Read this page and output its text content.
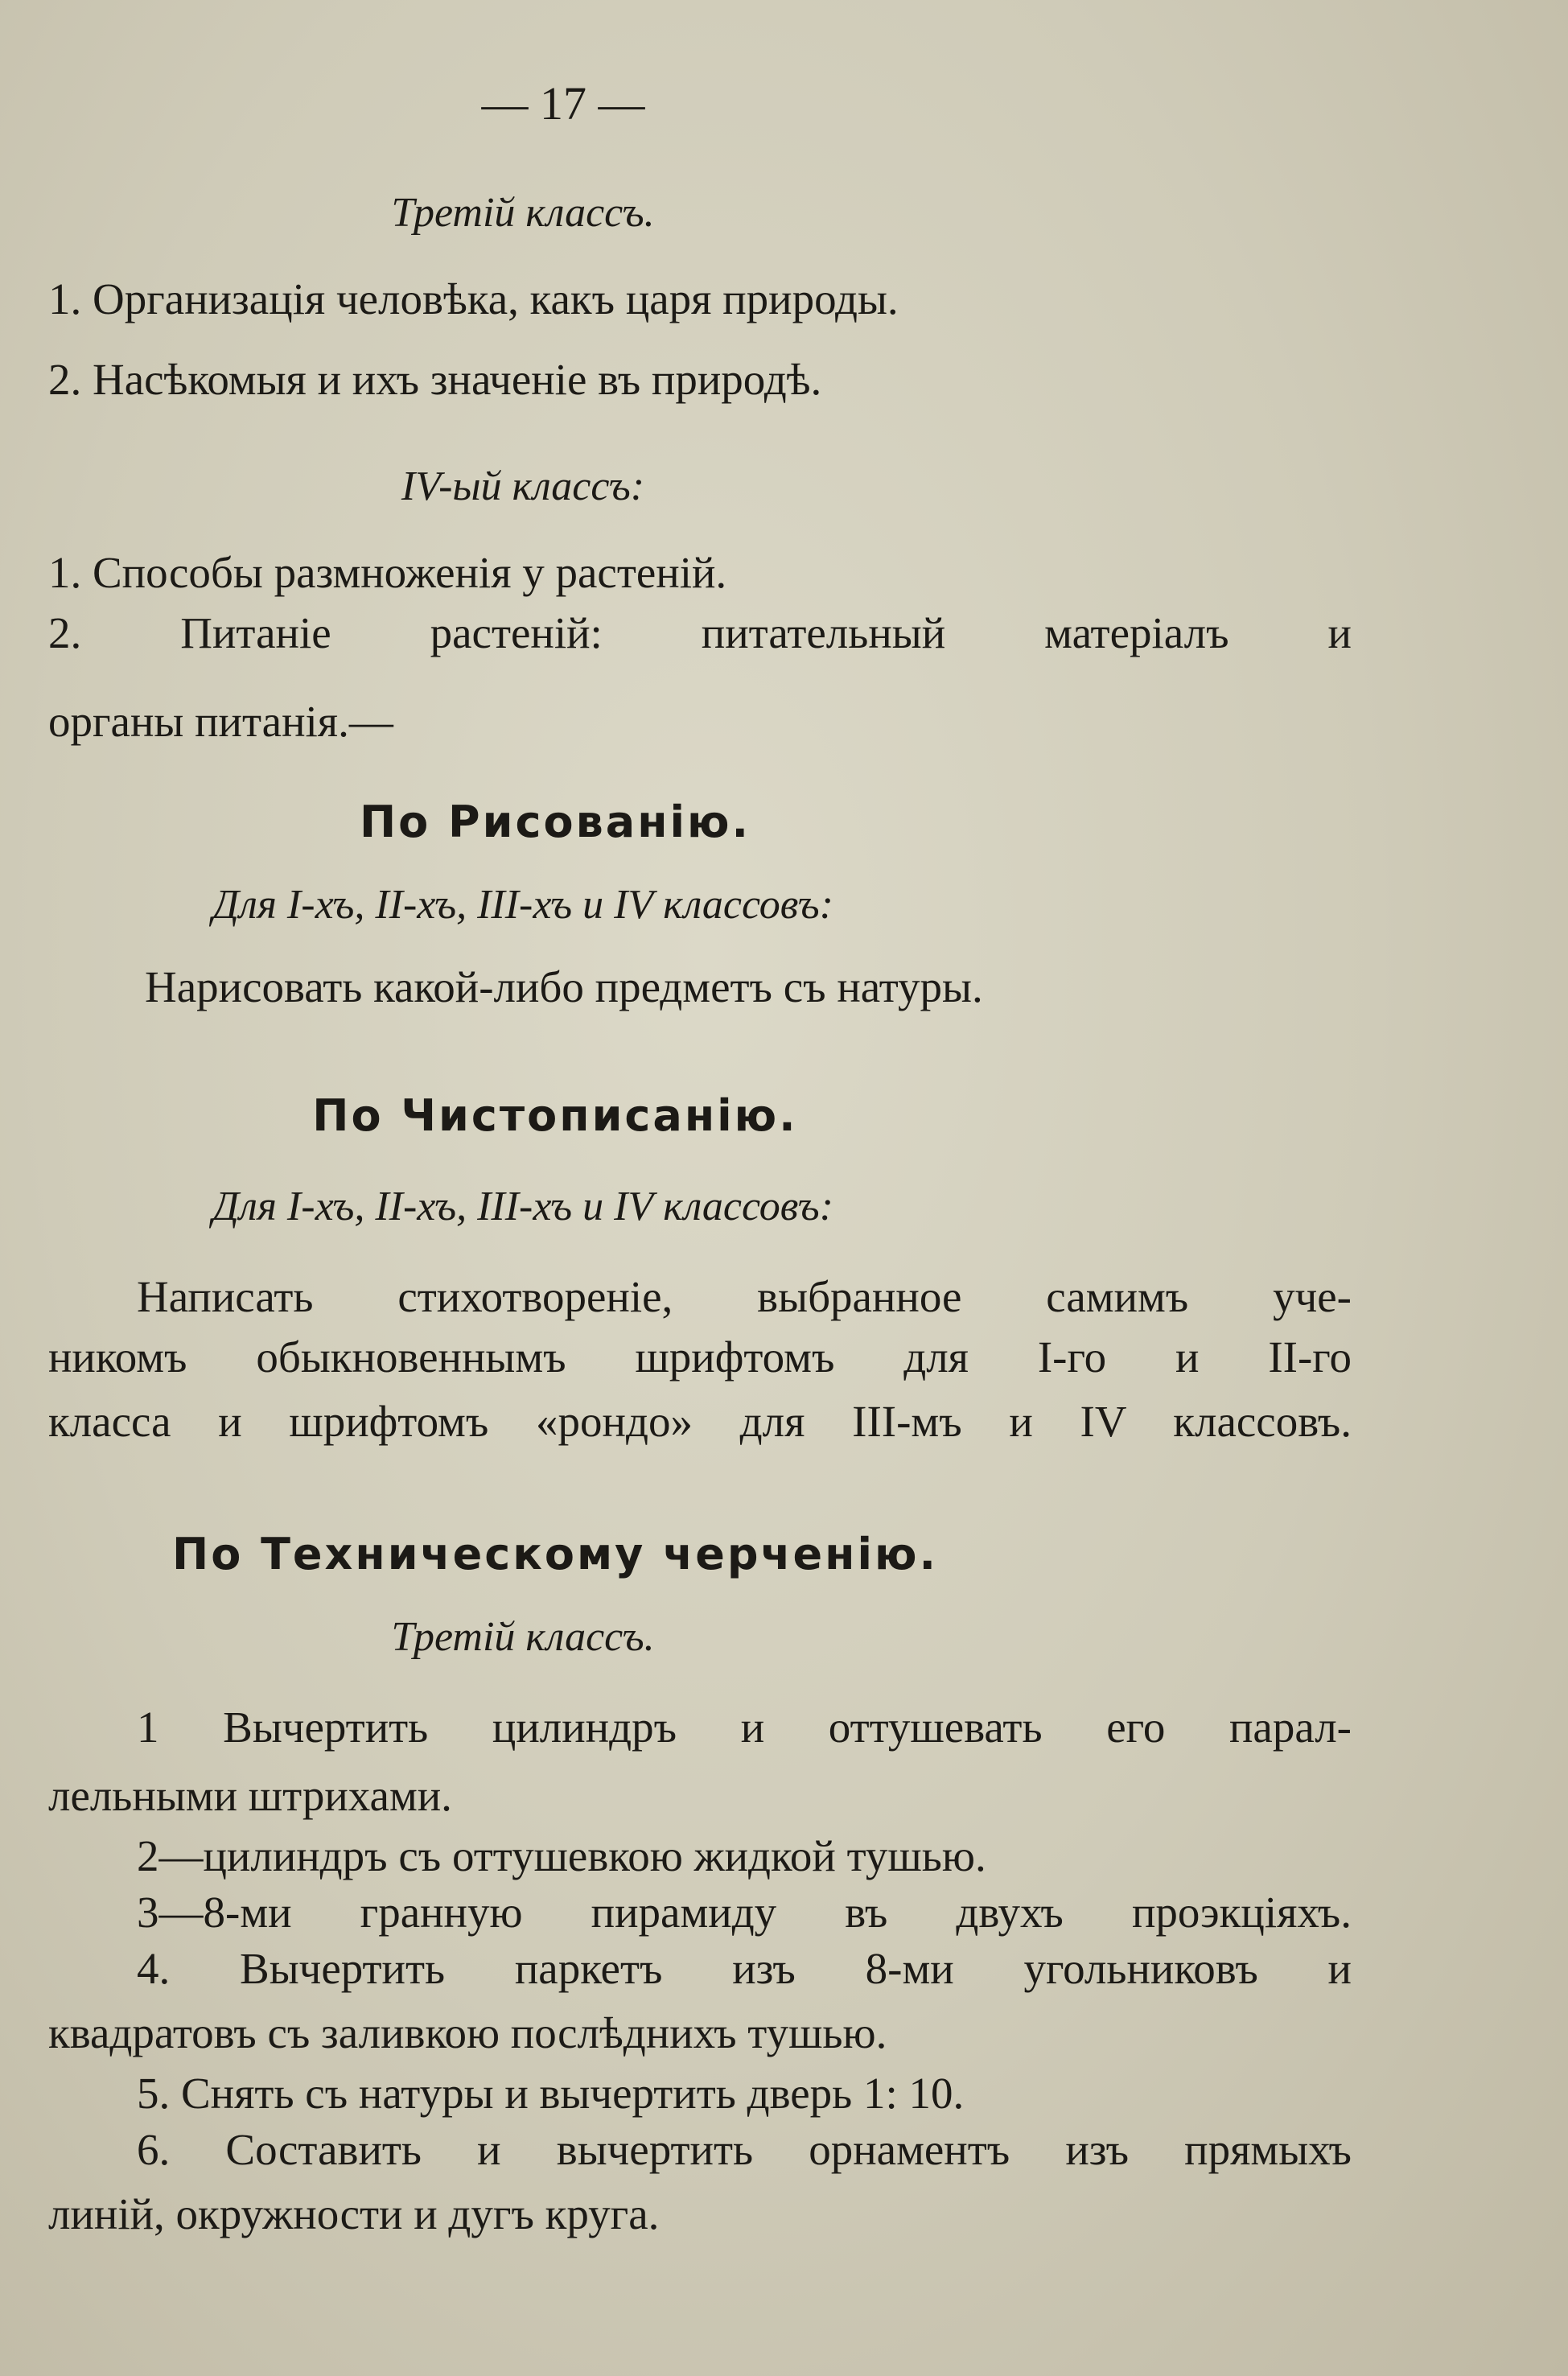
— 17 —
Третій классъ.
1. Организація человѣка, какъ царя природы.
2. Насѣкомыя и ихъ значеніе въ природѣ.
IV-ый классъ:
1. Способы размноженія у растеній.
2. Питаніе растеній: питательный матеріалъ и
органы питанія.—
По Рисованію.
Для I-хъ, II-хъ, III-хъ и IV классовъ:
Нарисовать какой-либо предметъ съ натуры.
По Чистописанію.
Для I-хъ, II-хъ, III-хъ и IV классовъ:
Написать стихотвореніе, выбранное самимъ уче-
никомъ обыкновеннымъ шрифтомъ для I-го и II-го
класса и шрифтомъ «рондо» для III-мъ и IV классовъ.
По Техническому черченію.
Третій классъ.
1 Вычертить цилиндръ и оттушевать его парал-
лельными штрихами.
2—цилиндръ съ оттушевкою жидкой тушью.
3—8-ми гранную пирамиду въ двухъ проэкціяхъ.
4. Вычертить паркетъ изъ 8-ми угольниковъ и
квадратовъ съ заливкою послѣднихъ тушью.
5. Снять съ натуры и вычертить дверь 1: 10.
6. Составить и вычертить орнаментъ изъ прямыхъ
линій, окружности и дугъ круга.
